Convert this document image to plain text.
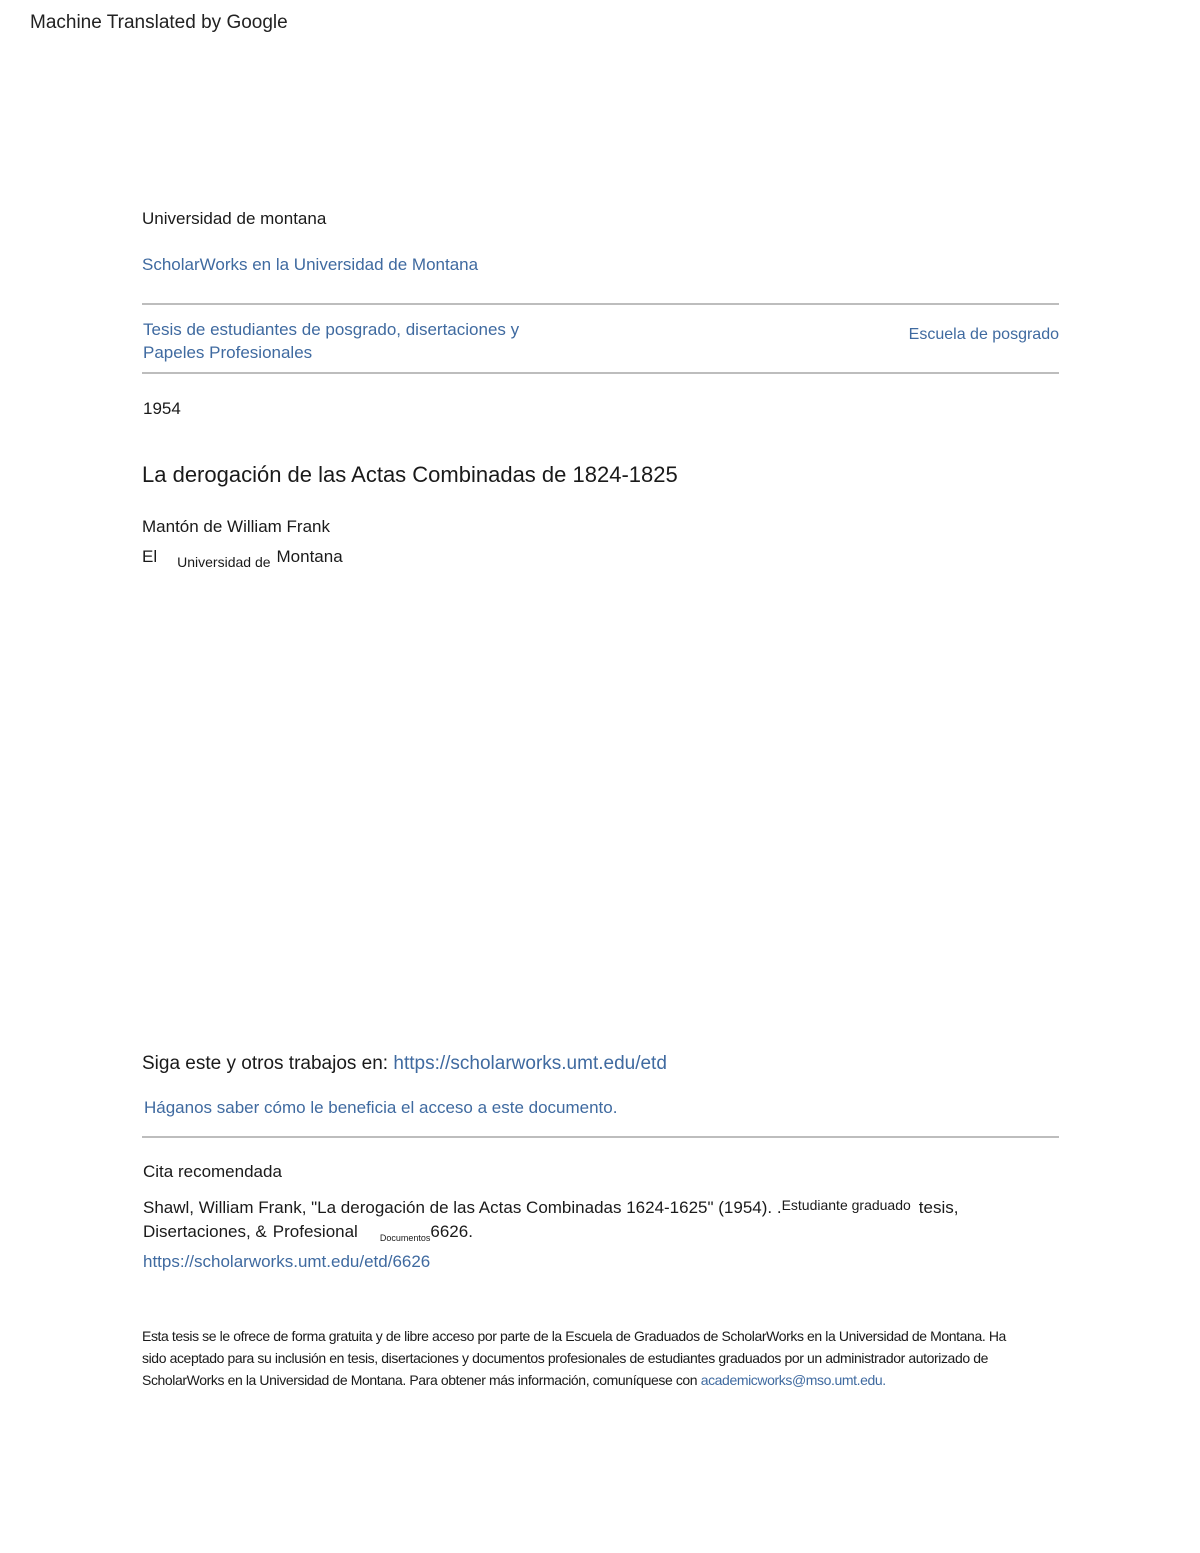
Machine Translated by Google
Universidad de montana
ScholarWorks en la Universidad de Montana
Tesis de estudiantes de posgrado, disertaciones y
Papeles Profesionales
Escuela de posgrado
1954
La derogación de las Actas Combinadas de 1824-1825
Mantón de William Frank
El $_{Universidad de}$ Montana
Siga este y otros trabajos en: https://scholarworks.umt.edu/etd
Háganos saber cómo le beneficia el acceso a este documento.
Cita recomendada
Shawl, William Frank, "La derogación de las Actas Combinadas 1624-1625" (1954). .Estudiante graduado tesis,
Disertaciones, & Profesional $_{Documentos}$6626.
https://scholarworks.umt.edu/etd/6626
Esta tesis se le ofrece de forma gratuita y de libre acceso por parte de la Escuela de Graduados de ScholarWorks en la Universidad de Montana. Ha sido aceptado para su inclusión en tesis, disertaciones y documentos profesionales de estudiantes graduados por un administrador autorizado de ScholarWorks en la Universidad de Montana. Para obtener más información, comuníquese con academicworks@mso.umt.edu.
